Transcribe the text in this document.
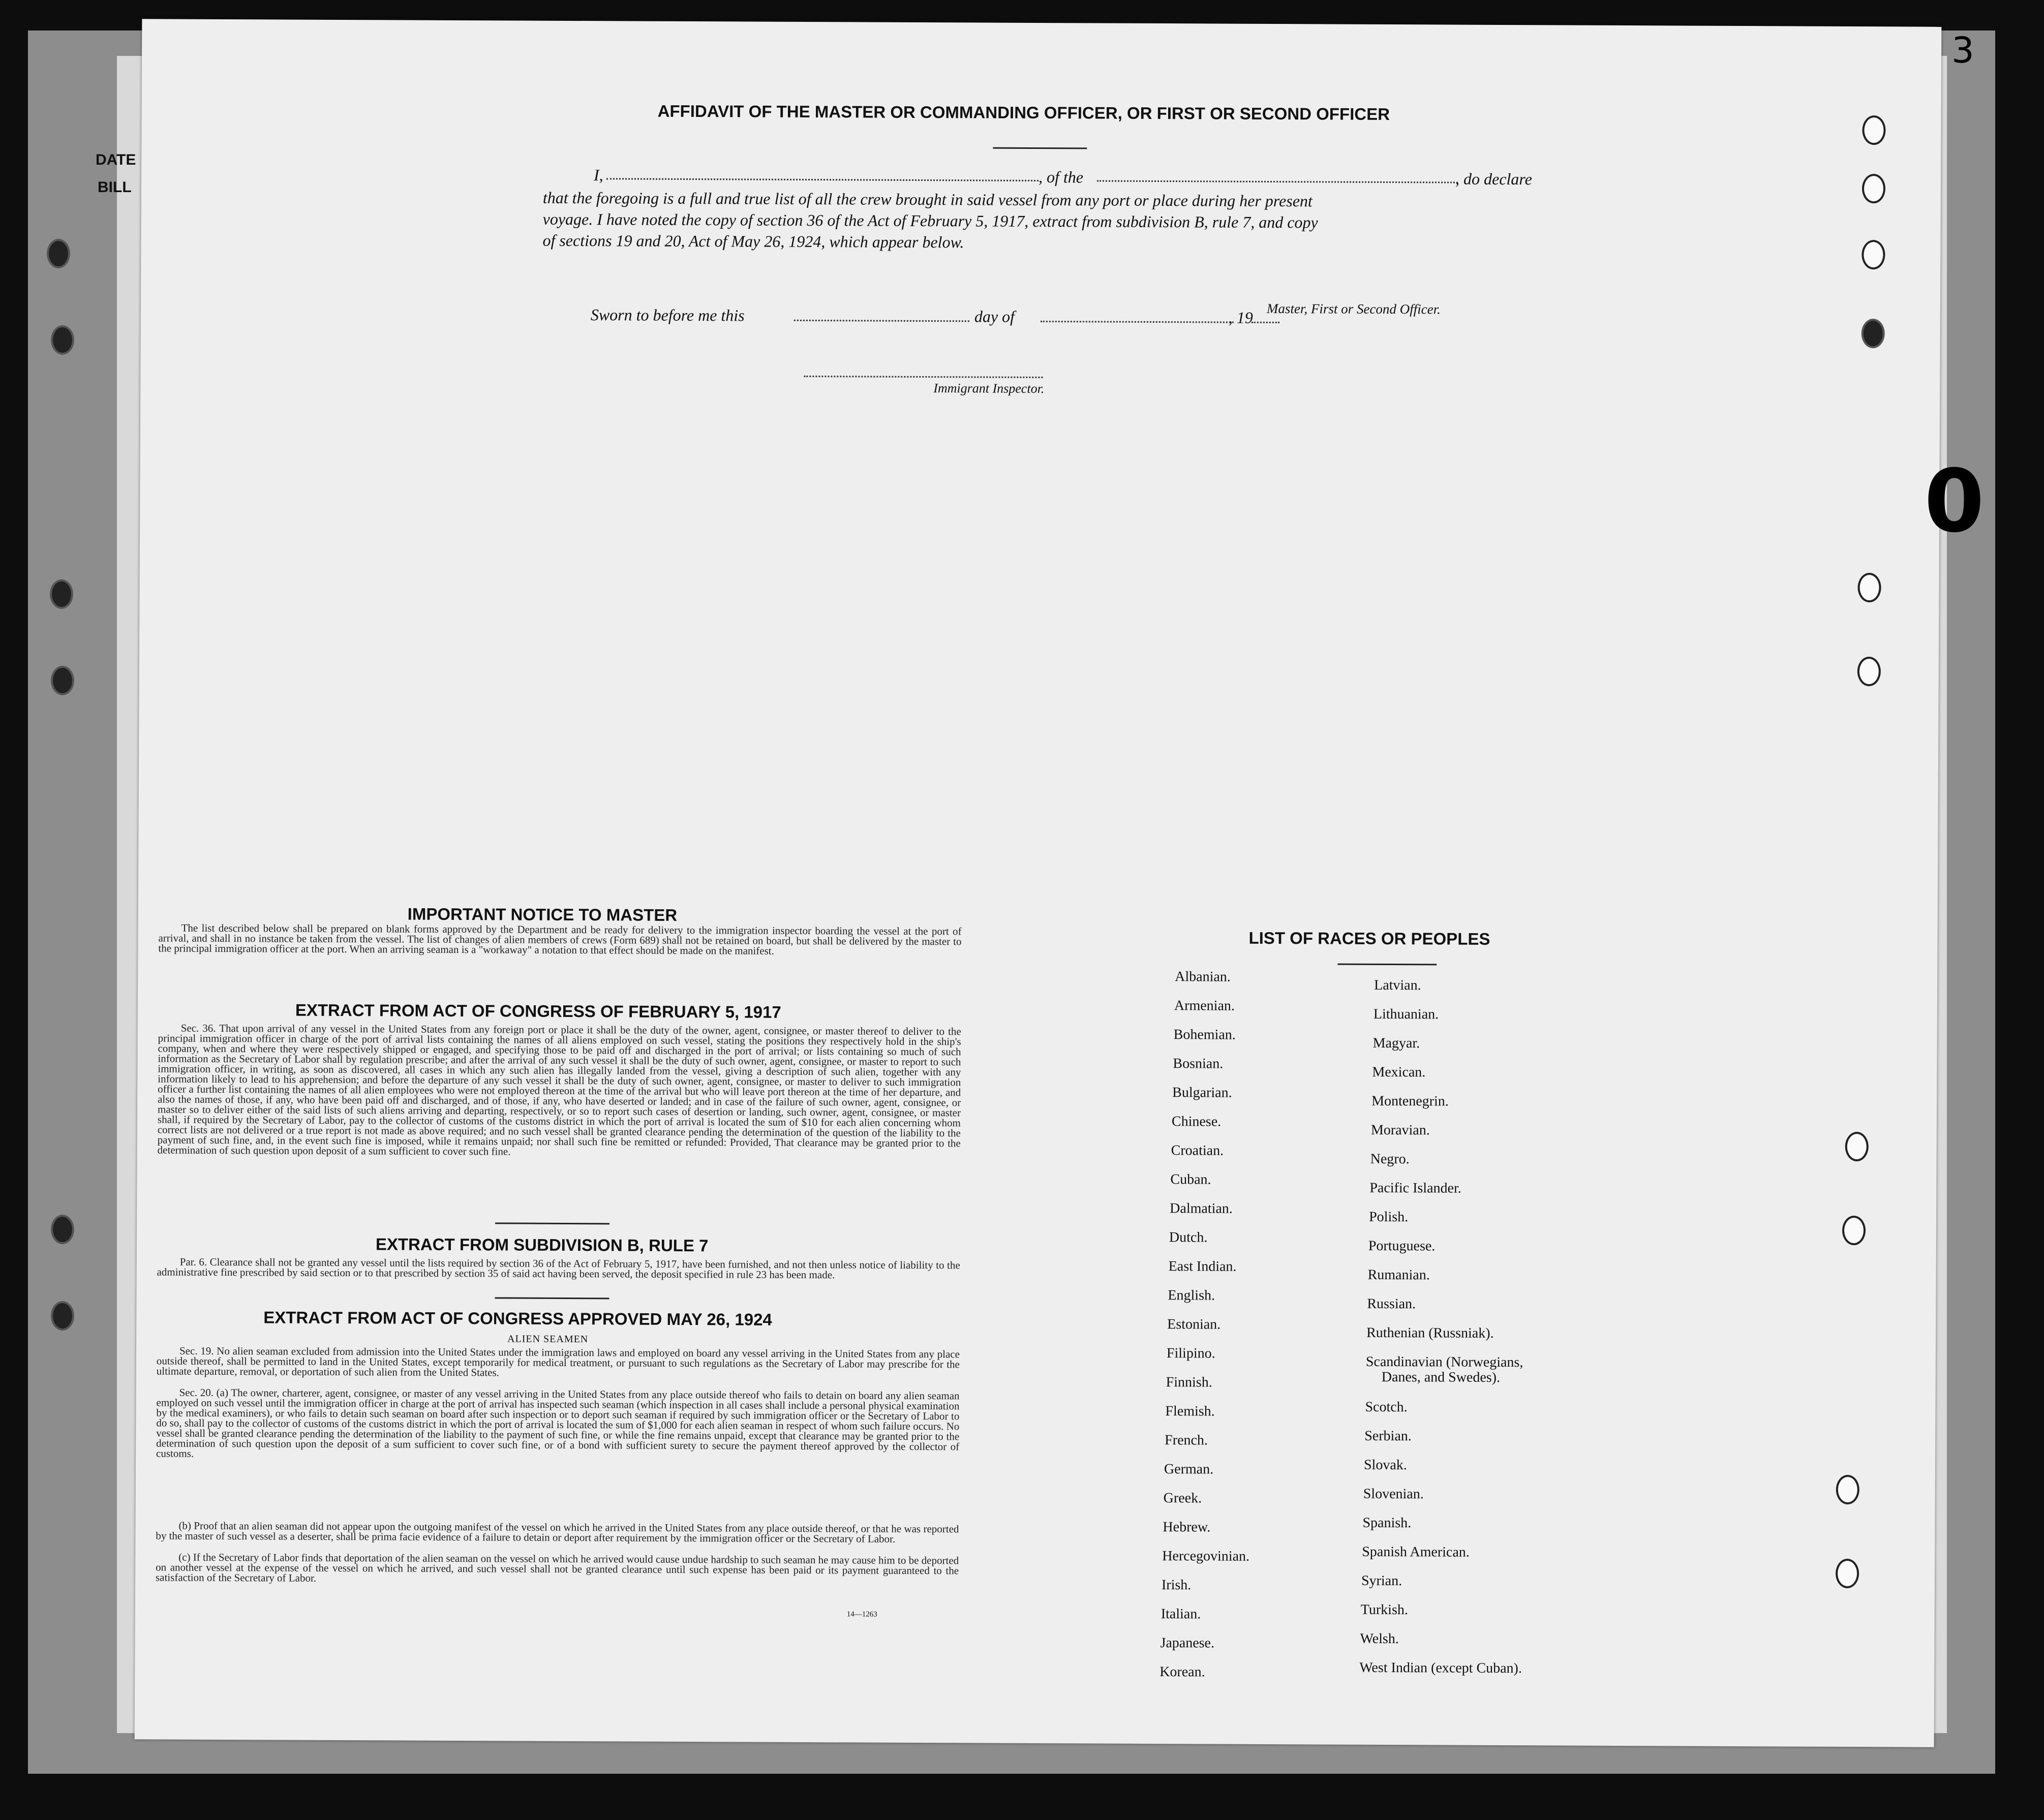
DATE
BILL
3
0
AFFIDAVIT OF THE MASTER OR COMMANDING OFFICER, OR FIRST OR SECOND OFFICER
I,	, of the	, do declare
that the foregoing is a full and true list of all the crew brought in said vessel from any port or place during her present
voyage. I have noted the copy of section 36 of the Act of February 5, 1917, extract from subdivision B, rule 7, and copy
of sections 19 and 20, Act of May 26, 1924, which appear below.
Master, First or Second Officer.
Sworn to before me this	day of	, 19
Immigrant Inspector.
IMPORTANT NOTICE TO MASTER
The list described below shall be prepared on blank forms approved by the Department and be ready for delivery to the immigration inspector boarding the vessel at the port of arrival, and shall in no instance be taken from the vessel. The list of changes of alien members of crews (Form 689) shall not be retained on board, but shall be delivered by the master to the principal immigration officer at the port. When an arriving seaman is a "workaway" a notation to that effect should be made on the manifest.
EXTRACT FROM ACT OF CONGRESS OF FEBRUARY 5, 1917
Sec. 36. That upon arrival of any vessel in the United States from any foreign port or place it shall be the duty of the owner, agent, consignee, or master thereof to deliver to the principal immigration officer in charge of the port of arrival lists containing the names of all aliens employed on such vessel, stating the positions they respectively hold in the ship's company, when and where they were respectively shipped or engaged, and specifying those to be paid off and discharged in the port of arrival; or lists containing so much of such information as the Secretary of Labor shall by regulation prescribe; and after the arrival of any such vessel it shall be the duty of such owner, agent, consignee, or master to report to such immigration officer, in writing, as soon as discovered, all cases in which any such alien has illegally landed from the vessel, giving a description of such alien, together with any information likely to lead to his apprehension; and before the departure of any such vessel it shall be the duty of such owner, agent, consignee, or master to deliver to such immigration officer a further list containing the names of all alien employees who were not employed thereon at the time of the arrival but who will leave port thereon at the time of her departure, and also the names of those, if any, who have been paid off and discharged, and of those, if any, who have deserted or landed; and in case of the failure of such owner, agent, consignee, or master so to deliver either of the said lists of such aliens arriving and departing, respectively, or so to report such cases of desertion or landing, such owner, agent, consignee, or master shall, if required by the Secretary of Labor, pay to the collector of customs of the customs district in which the port of arrival is located the sum of $10 for each alien concerning whom correct lists are not delivered or a true report is not made as above required; and no such vessel shall be granted clearance pending the determination of the question of the liability to the payment of such fine, and, in the event such fine is imposed, while it remains unpaid; nor shall such fine be remitted or refunded: Provided, That clearance may be granted prior to the determination of such question upon deposit of a sum sufficient to cover such fine.
EXTRACT FROM SUBDIVISION B, RULE 7
Par. 6. Clearance shall not be granted any vessel until the lists required by section 36 of the Act of February 5, 1917, have been furnished, and not then unless notice of liability to the administrative fine prescribed by said section or to that prescribed by section 35 of said act having been served, the deposit specified in rule 23 has been made.
EXTRACT FROM ACT OF CONGRESS APPROVED MAY 26, 1924
ALIEN SEAMEN
Sec. 19. No alien seaman excluded from admission into the United States under the immigration laws and employed on board any vessel arriving in the United States from any place outside thereof, shall be permitted to land in the United States, except temporarily for medical treatment, or pursuant to such regulations as the Secretary of Labor may prescribe for the ultimate departure, removal, or deportation of such alien from the United States.
Sec. 20. (a) The owner, charterer, agent, consignee, or master of any vessel arriving in the United States from any place outside thereof who fails to detain on board any alien seaman employed on such vessel until the immigration officer in charge at the port of arrival has inspected such seaman (which inspection in all cases shall include a personal physical examination by the medical examiners), or who fails to detain such seaman on board after such inspection or to deport such seaman if required by such immigration officer or the Secretary of Labor to do so, shall pay to the collector of customs of the customs district in which the port of arrival is located the sum of $1,000 for each alien seaman in respect of whom such failure occurs. No vessel shall be granted clearance pending the determination of the liability to the payment of such fine, or while the fine remains unpaid, except that clearance may be granted prior to the determination of such question upon the deposit of a sum sufficient to cover such fine, or of a bond with sufficient surety to secure the payment thereof approved by the collector of customs.
(b) Proof that an alien seaman did not appear upon the outgoing manifest of the vessel on which he arrived in the United States from any place outside thereof, or that he was reported by the master of such vessel as a deserter, shall be prima facie evidence of a failure to detain or deport after requirement by the immigration officer or the Secretary of Labor.
(c) If the Secretary of Labor finds that deportation of the alien seaman on the vessel on which he arrived would cause undue hardship to such seaman he may cause him to be deported on another vessel at the expense of the vessel on which he arrived, and such vessel shall not be granted clearance until such expense has been paid or its payment guaranteed to the satisfaction of the Secretary of Labor.
14—1263
LIST OF RACES OR PEOPLES
Albanian.
Armenian.
Bohemian.
Bosnian.
Bulgarian.
Chinese.
Croatian.
Cuban.
Dalmatian.
Dutch.
East Indian.
English.
Estonian.
Filipino.
Finnish.
Flemish.
French.
German.
Greek.
Hebrew.
Hercegovinian.
Irish.
Italian.
Japanese.
Korean.
Latvian.
Lithuanian.
Magyar.
Mexican.
Montenegrin.
Moravian.
Negro.
Pacific Islander.
Polish.
Portuguese.
Rumanian.
Russian.
Ruthenian (Russniak).
Scandinavian (Norwegians,
Danes, and Swedes).
Scotch.
Serbian.
Slovak.
Slovenian.
Spanish.
Spanish American.
Syrian.
Turkish.
Welsh.
West Indian (except Cuban).
